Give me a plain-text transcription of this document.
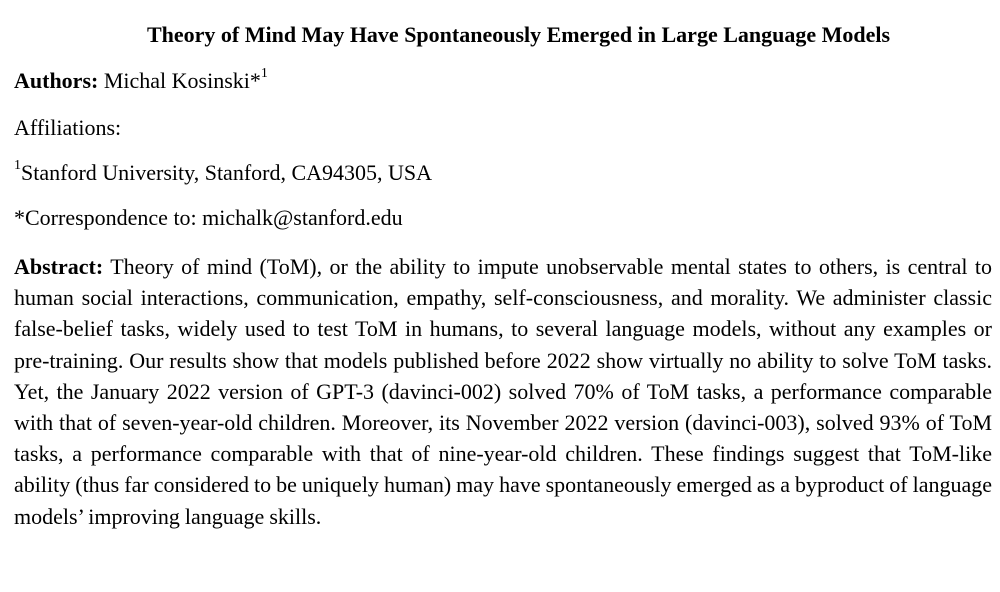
Theory of Mind May Have Spontaneously Emerged in Large Language Models
Authors: Michal Kosinski*$^1$
Affiliations:
$^1$Stanford University, Stanford, CA94305, USA
*Correspondence to: michalk@stanford.edu
Abstract: Theory of mind (ToM), or the ability to impute unobservable mental states to others, is central to human social interactions, communication, empathy, self-consciousness, and morality. We administer classic false-belief tasks, widely used to test ToM in humans, to several language models, without any examples or pre-training. Our results show that models published before 2022 show virtually no ability to solve ToM tasks. Yet, the January 2022 version of GPT-3 (davinci-002) solved 70% of ToM tasks, a performance comparable with that of seven-year-old children. Moreover, its November 2022 version (davinci-003), solved 93% of ToM tasks, a performance comparable with that of nine-year-old children. These findings suggest that ToM-like ability (thus far considered to be uniquely human) may have spontaneously emerged as a byproduct of language models’ improving language skills.
